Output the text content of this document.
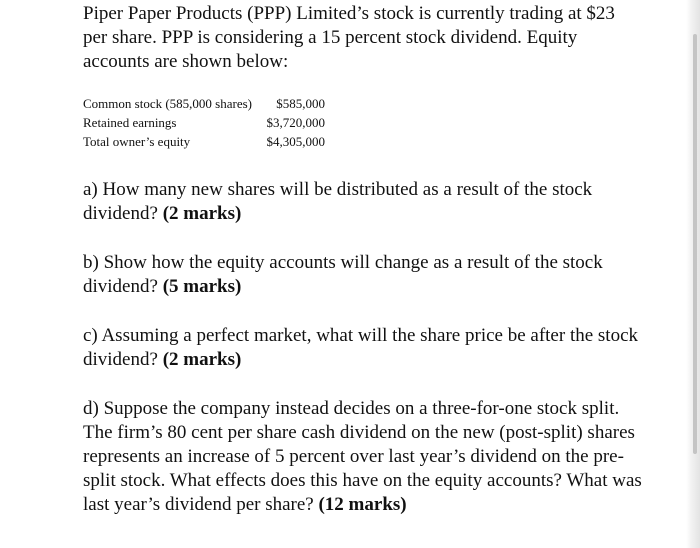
Piper Paper Products (PPP) Limited’s stock is currently trading at $23 per share. PPP is considering a 15 percent stock dividend. Equity accounts are shown below:

Common stock (585,000 shares)	$585,000
Retained earnings	$3,720,000
Total owner’s equity	$4,305,000

a) How many new shares will be distributed as a result of the stock dividend? (2 marks)

b) Show how the equity accounts will change as a result of the stock dividend? (5 marks)

c) Assuming a perfect market, what will the share price be after the stock dividend? (2 marks)

d) Suppose the company instead decides on a three-for-one stock split. The firm’s 80 cent per share cash dividend on the new (post-split) shares represents an increase of 5 percent over last year’s dividend on the pre-split stock. What effects does this have on the equity accounts? What was last year’s dividend per share? (12 marks)
